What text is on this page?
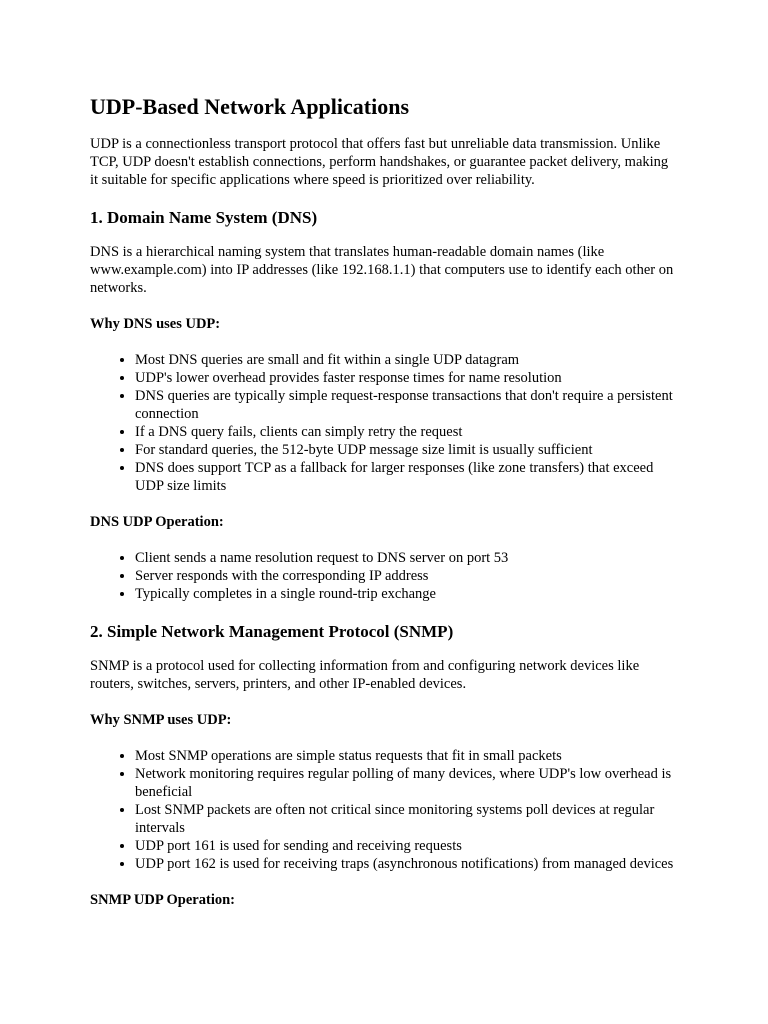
UDP-Based Network Applications

UDP is a connectionless transport protocol that offers fast but unreliable data transmission. Unlike TCP, UDP doesn't establish connections, perform handshakes, or guarantee packet delivery, making it suitable for specific applications where speed is prioritized over reliability.

1. Domain Name System (DNS)

DNS is a hierarchical naming system that translates human-readable domain names (like www.example.com) into IP addresses (like 192.168.1.1) that computers use to identify each other on networks.

Why DNS uses UDP:

• Most DNS queries are small and fit within a single UDP datagram
• UDP's lower overhead provides faster response times for name resolution
• DNS queries are typically simple request-response transactions that don't require a persistent connection
• If a DNS query fails, clients can simply retry the request
• For standard queries, the 512-byte UDP message size limit is usually sufficient
• DNS does support TCP as a fallback for larger responses (like zone transfers) that exceed UDP size limits

DNS UDP Operation:

• Client sends a name resolution request to DNS server on port 53
• Server responds with the corresponding IP address
• Typically completes in a single round-trip exchange
2. Simple Network Management Protocol (SNMP)

SNMP is a protocol used for collecting information from and configuring network devices like routers, switches, servers, printers, and other IP-enabled devices.

Why SNMP uses UDP:

• Most SNMP operations are simple status requests that fit in small packets
• Network monitoring requires regular polling of many devices, where UDP's low overhead is beneficial
• Lost SNMP packets are often not critical since monitoring systems poll devices at regular intervals
• UDP port 161 is used for sending and receiving requests
• UDP port 162 is used for receiving traps (asynchronous notifications) from managed devices

SNMP UDP Operation:
